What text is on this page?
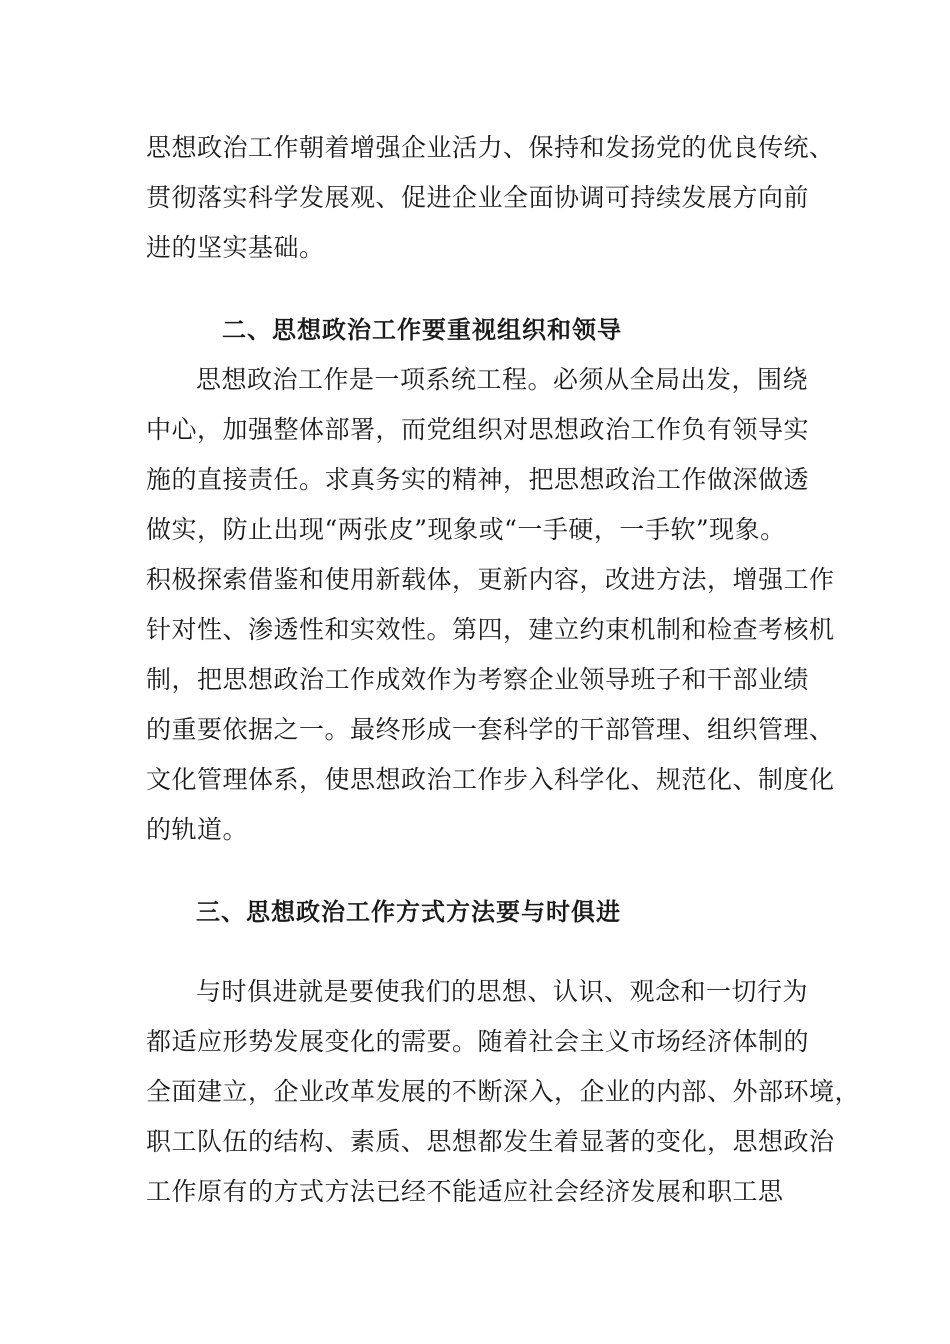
思想政治工作朝着增强企业活力、保持和发扬党的优良传统、
贯彻落实科学发展观、促进企业全面协调可持续发展方向前
进的坚实基础。
二、思想政治工作要重视组织和领导
思想政治工作是一项系统工程。必须从全局出发，围绕
中心，加强整体部署，而党组织对思想政治工作负有领导实
施的直接责任。求真务实的精神，把思想政治工作做深做透
做实，防止出现“两张皮”现象或“一手硬，一手软”现象。
积极探索借鉴和使用新载体，更新内容，改进方法，增强工作
针对性、渗透性和实效性。第四，建立约束机制和检查考核机
制，把思想政治工作成效作为考察企业领导班子和干部业绩
的重要依据之一。最终形成一套科学的干部管理、组织管理、
文化管理体系，使思想政治工作步入科学化、规范化、制度化
的轨道。
三、思想政治工作方式方法要与时俱进
与时俱进就是要使我们的思想、认识、观念和一切行为
都适应形势发展变化的需要。随着社会主义市场经济体制的
全面建立，企业改革发展的不断深入，企业的内部、外部环境，
职工队伍的结构、素质、思想都发生着显著的变化，思想政治
工作原有的方式方法已经不能适应社会经济发展和职工思
